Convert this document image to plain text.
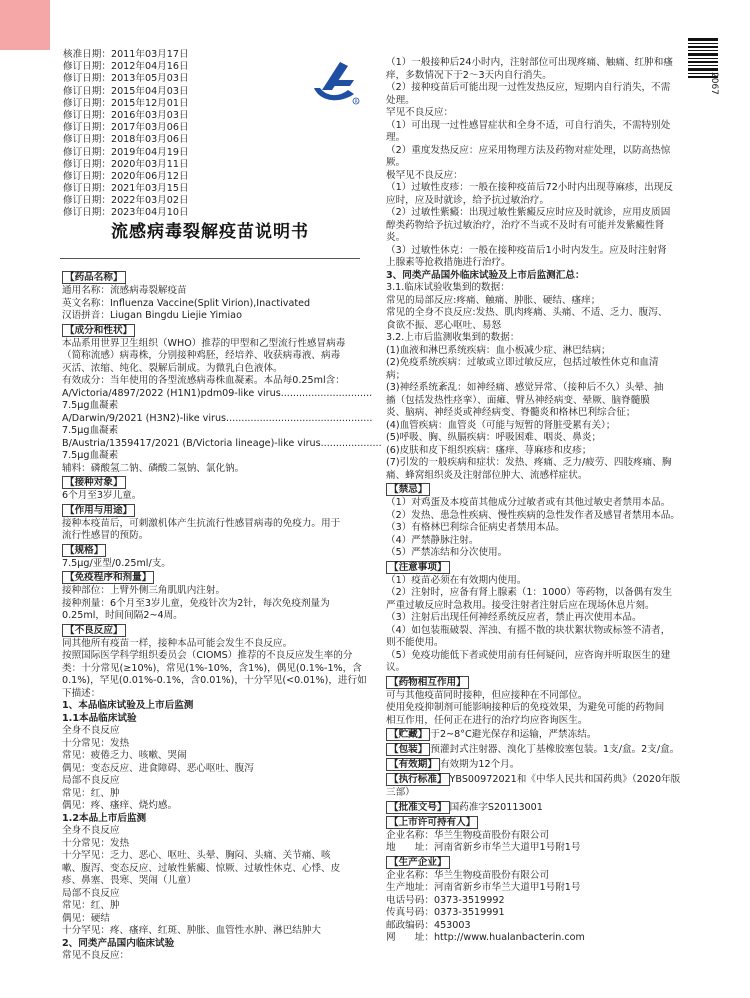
核准日期：2011年03月17日
修订日期：2012年04月16日
修订日期：2013年05月03日
修订日期：2015年04月03日
修订日期：2015年12月01日
修订日期：2016年03月03日
修订日期：2017年03月06日
修订日期：2018年03月06日
修订日期：2019年04月19日
修订日期：2020年03月11日
修订日期：2020年06月12日
修订日期：2021年03月15日
修订日期：2022年03月02日
修订日期：2023年04月10日
R
2067
流感病毒裂解疫苗说明书
【药品名称】
通用名称：流感病毒裂解疫苗
英文名称：Influenza Vaccine(Split Virion),Inactivated
汉语拼音：Liugan Bingdu Liejie Yimiao
【成分和性状】
本品系用世界卫生组织（WHO）推荐的甲型和乙型流行性感冒病毒
（简称流感）病毒株，分别接种鸡胚，经培养、收获病毒液、病毒
灭活、浓缩、纯化、裂解后制成。为微乳白色液体。
有效成分：当年使用的各型流感病毒株血凝素。本品每0.25ml含：
A/Victoria/4897/2022 (H1N1)pdm09-like virus..............................
7.5μg血凝素
A/Darwin/9/2021 (H3N2)-like virus................................................
7.5μg血凝素
B/Austria/1359417/2021 (B/Victoria lineage)-like virus....................
7.5μg血凝素
辅料：磷酸氢二钠、磷酸二氢钠、氯化钠。
【接种对象】
6个月至3岁儿童。
【作用与用途】
接种本疫苗后，可刺激机体产生抗流行性感冒病毒的免疫力。用于
流行性感冒的预防。
【规格】
7.5μg/亚型/0.25ml/支。
【免疫程序和剂量】
接种部位：上臂外侧三角肌肌内注射。
接种剂量：6个月至3岁儿童，免疫针次为2针，每次免疫剂量为
0.25ml，时间间隔2~4周。
【不良反应】
同其他所有疫苗一样，接种本品可能会发生不良反应。
按照国际医学科学组织委员会（CIOMS）推荐的不良反应发生率的分
类：十分常见(≥10%)，常见(1%-10%，含1%)，偶见(0.1%-1%，含
0.1%)，罕见(0.01%-0.1%，含0.01%)，十分罕见(<0.01%)，进行如
下描述：
1、本品临床试验及上市后监测
1.1本品临床试验
全身不良反应
十分常见：发热
常见：疲倦乏力、咳嗽、哭闹
偶见：变态反应、进食障碍、恶心呕吐、腹泻
局部不良反应
常见：红、肿
偶见：疼、瘙痒、烧灼感。
1.2本品上市后监测
全身不良反应
十分常见：发热
十分罕见：乏力、恶心、呕吐、头晕、胸闷、头痛、关节痛、咳
嗽、腹泻、变态反应、过敏性紫癜、惊厥、过敏性休克、心悸、皮
疹、鼻塞、畏寒、哭闹（儿童）
局部不良反应
常见：红、肿
偶见：硬结
十分罕见：疼、瘙痒、红斑、肿胀、血管性水肿、淋巴结肿大
2、同类产品国内临床试验
常见不良反应：
（1）一般接种后24小时内，注射部位可出现疼痛、触痛、红肿和瘙
痒，多数情况下于2～3天内自行消失。
（2）接种疫苗后可能出现一过性发热反应，短期内自行消失，不需
处理。
罕见不良反应：
（1）可出现一过性感冒症状和全身不适，可自行消失，不需特别处
理。
（2）重度发热反应：应采用物理方法及药物对症处理，以防高热惊
厥。
极罕见不良反应：
（1）过敏性皮疹：一般在接种疫苗后72小时内出现荨麻疹，出现反
应时，应及时就诊，给予抗过敏治疗。
（2）过敏性紫癜：出现过敏性紫癜反应时应及时就诊，应用皮质固
醇类药物给予抗过敏治疗，治疗不当或不及时有可能并发紫癜性肾
炎。
（3）过敏性休克：一般在接种疫苗后1小时内发生。应及时注射肾
上腺素等抢救措施进行治疗。
3、同类产品国外临床试验及上市后监测汇总：
3.1.临床试验收集到的数据：
常见的局部反应:疼痛、触痛、肿胀、硬结、瘙痒；
常见的全身不良反应:发热、肌肉疼痛、头痛、不适、乏力、腹泻、
食欲不振、恶心呕吐、易怒
3.2.上市后监测收集到的数据：
(1)血液和淋巴系统疾病：血小板减少症、淋巴结病；
(2)免疫系统疾病：过敏或立即过敏反应，包括过敏性休克和血清
病；
(3)神经系统紊乱：如神经痛、感觉异常、（接种后不久）头晕、抽
搐（包括发热性痉挛）、面瘫、臂丛神经病变、晕厥、脑脊髓膜
炎、脑病、神经炎或神经病变、脊髓炎和格林巴利综合征；
(4)血管疾病：血管炎（可能与短暂的肾脏受累有关）；
(5)呼吸、胸、纵膈疾病：呼吸困难、咽炎、鼻炎；
(6)皮肤和皮下组织疾病：瘙痒、荨麻疹和皮疹；
(7)引发的一般疾病和症状：发热、疼痛、乏力/疲劳、四肢疼痛、胸
痛、蜂窝组织炎及注射部位肿大、流感样症状。
【禁忌】
（1）对鸡蛋及本疫苗其他成分过敏者或有其他过敏史者禁用本品。
（2）发热、患急性疾病、慢性疾病的急性发作者及感冒者禁用本品。
（3）有格林巴利综合征病史者禁用本品。
（4）严禁静脉注射。
（5）严禁冻结和分次使用。
【注意事项】
（1）疫苗必须在有效期内使用。
（2）注射时，应备有肾上腺素（1：1000）等药物，以备偶有发生
严重过敏反应时急救用。接受注射者注射后应在现场休息片刻。
（3）注射后出现任何神经系统反应者，禁止再次使用本品。
（4）如包装瓶破裂、浑浊、有摇不散的块状絮状物或标签不清者，
则不能使用。
（5）免疫功能低下者或使用前有任何疑问，应咨询并听取医生的建
议。
【药物相互作用】
可与其他疫苗同时接种，但应接种在不同部位。
使用免疫抑制剂可能影响接种后的免疫效果，为避免可能的药物间
相互作用，任何正在进行的治疗均应咨询医生。
【贮藏】 于2~8°C避光保存和运输，严禁冻结。
【包装】 预灌封式注射器、溴化丁基橡胶塞包装。1支/盒。2支/盒。
【有效期】 有效期为12个月。
【执行标准】 YBS00972021和《中华人民共和国药典》（2020年版
三部）
【批准文号】 国药准字S20113001
【上市许可持有人】
企业名称：华兰生物疫苗股份有限公司
地　　址：河南省新乡市华兰大道甲1号附1号
【生产企业】
企业名称：华兰生物疫苗股份有限公司
生产地址：河南省新乡市华兰大道甲1号附1号
电话号码：0373-3519992
传真号码：0373-3519991
邮政编码：453003
网　　址：http://www.hualanbacterin.com
